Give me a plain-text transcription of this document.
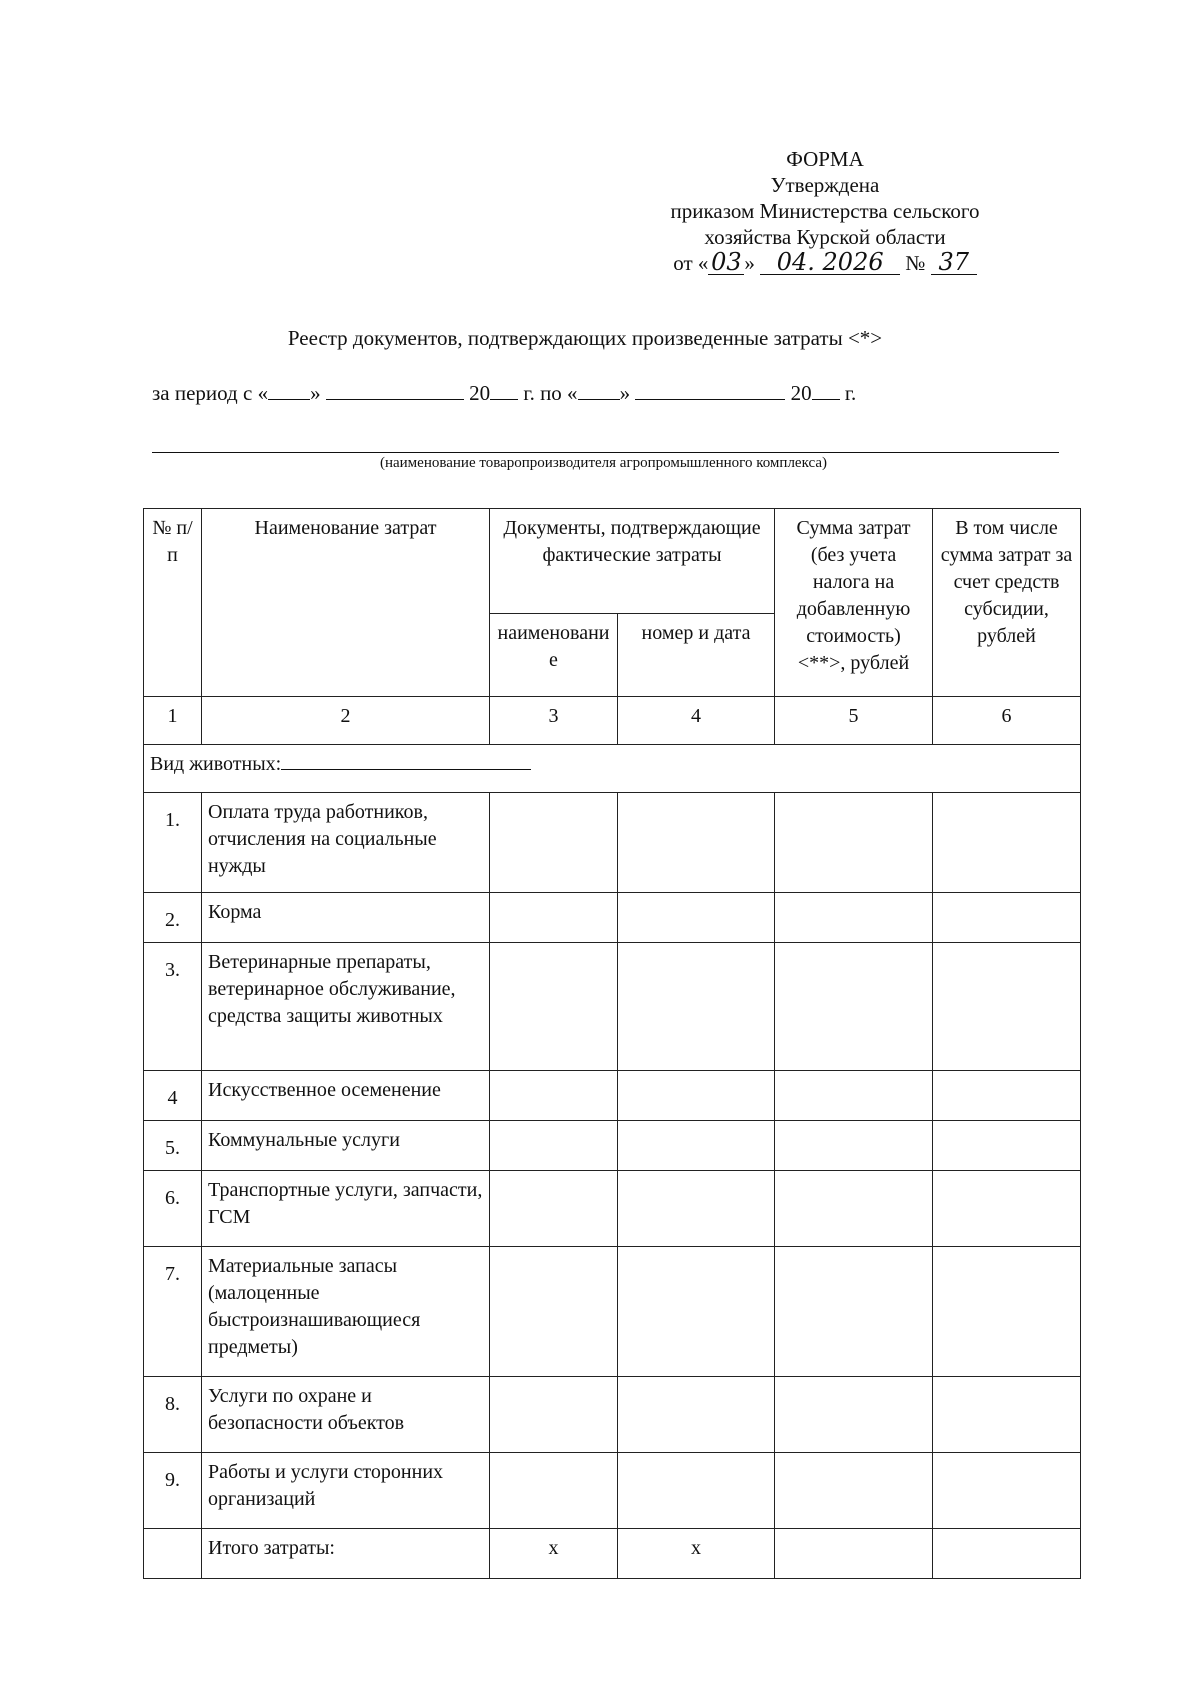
ФОРМА
Утверждена
приказом Министерства сельского
хозяйства Курской области
от « 03 » 04. 2026 № 37
Реестр документов, подтверждающих произведенные затраты <*>
за период с « »	20 г. по « »	20 г.
(наименование товаропроизводителя агропромышленного комплекса)
№ п/п	Наименование затрат	Документы, подтверждающие фактические затраты		Сумма затрат (без учета налога на добавленную стоимость) <**>, рублей	В том числе сумма затрат за счет средств субсидии, рублей
		наименование	номер и дата		
1	2	3	4	5	6
Вид животных:					
1.	Оплата труда работников, отчисления на социальные нужды				
2.	Корма				
3.	Ветеринарные препараты, ветеринарное обслуживание, средства защиты животных				
4	Искусственное осеменение				
5.	Коммунальные услуги				
6.	Транспортные услуги, запчасти, ГСМ				
7.	Материальные запасы (малоценные быстроизнашивающиеся предметы)				
8.	Услуги по охране и безопасности объектов				
9.	Работы и услуги сторонних организаций				
	Итого затраты:	х	х		
